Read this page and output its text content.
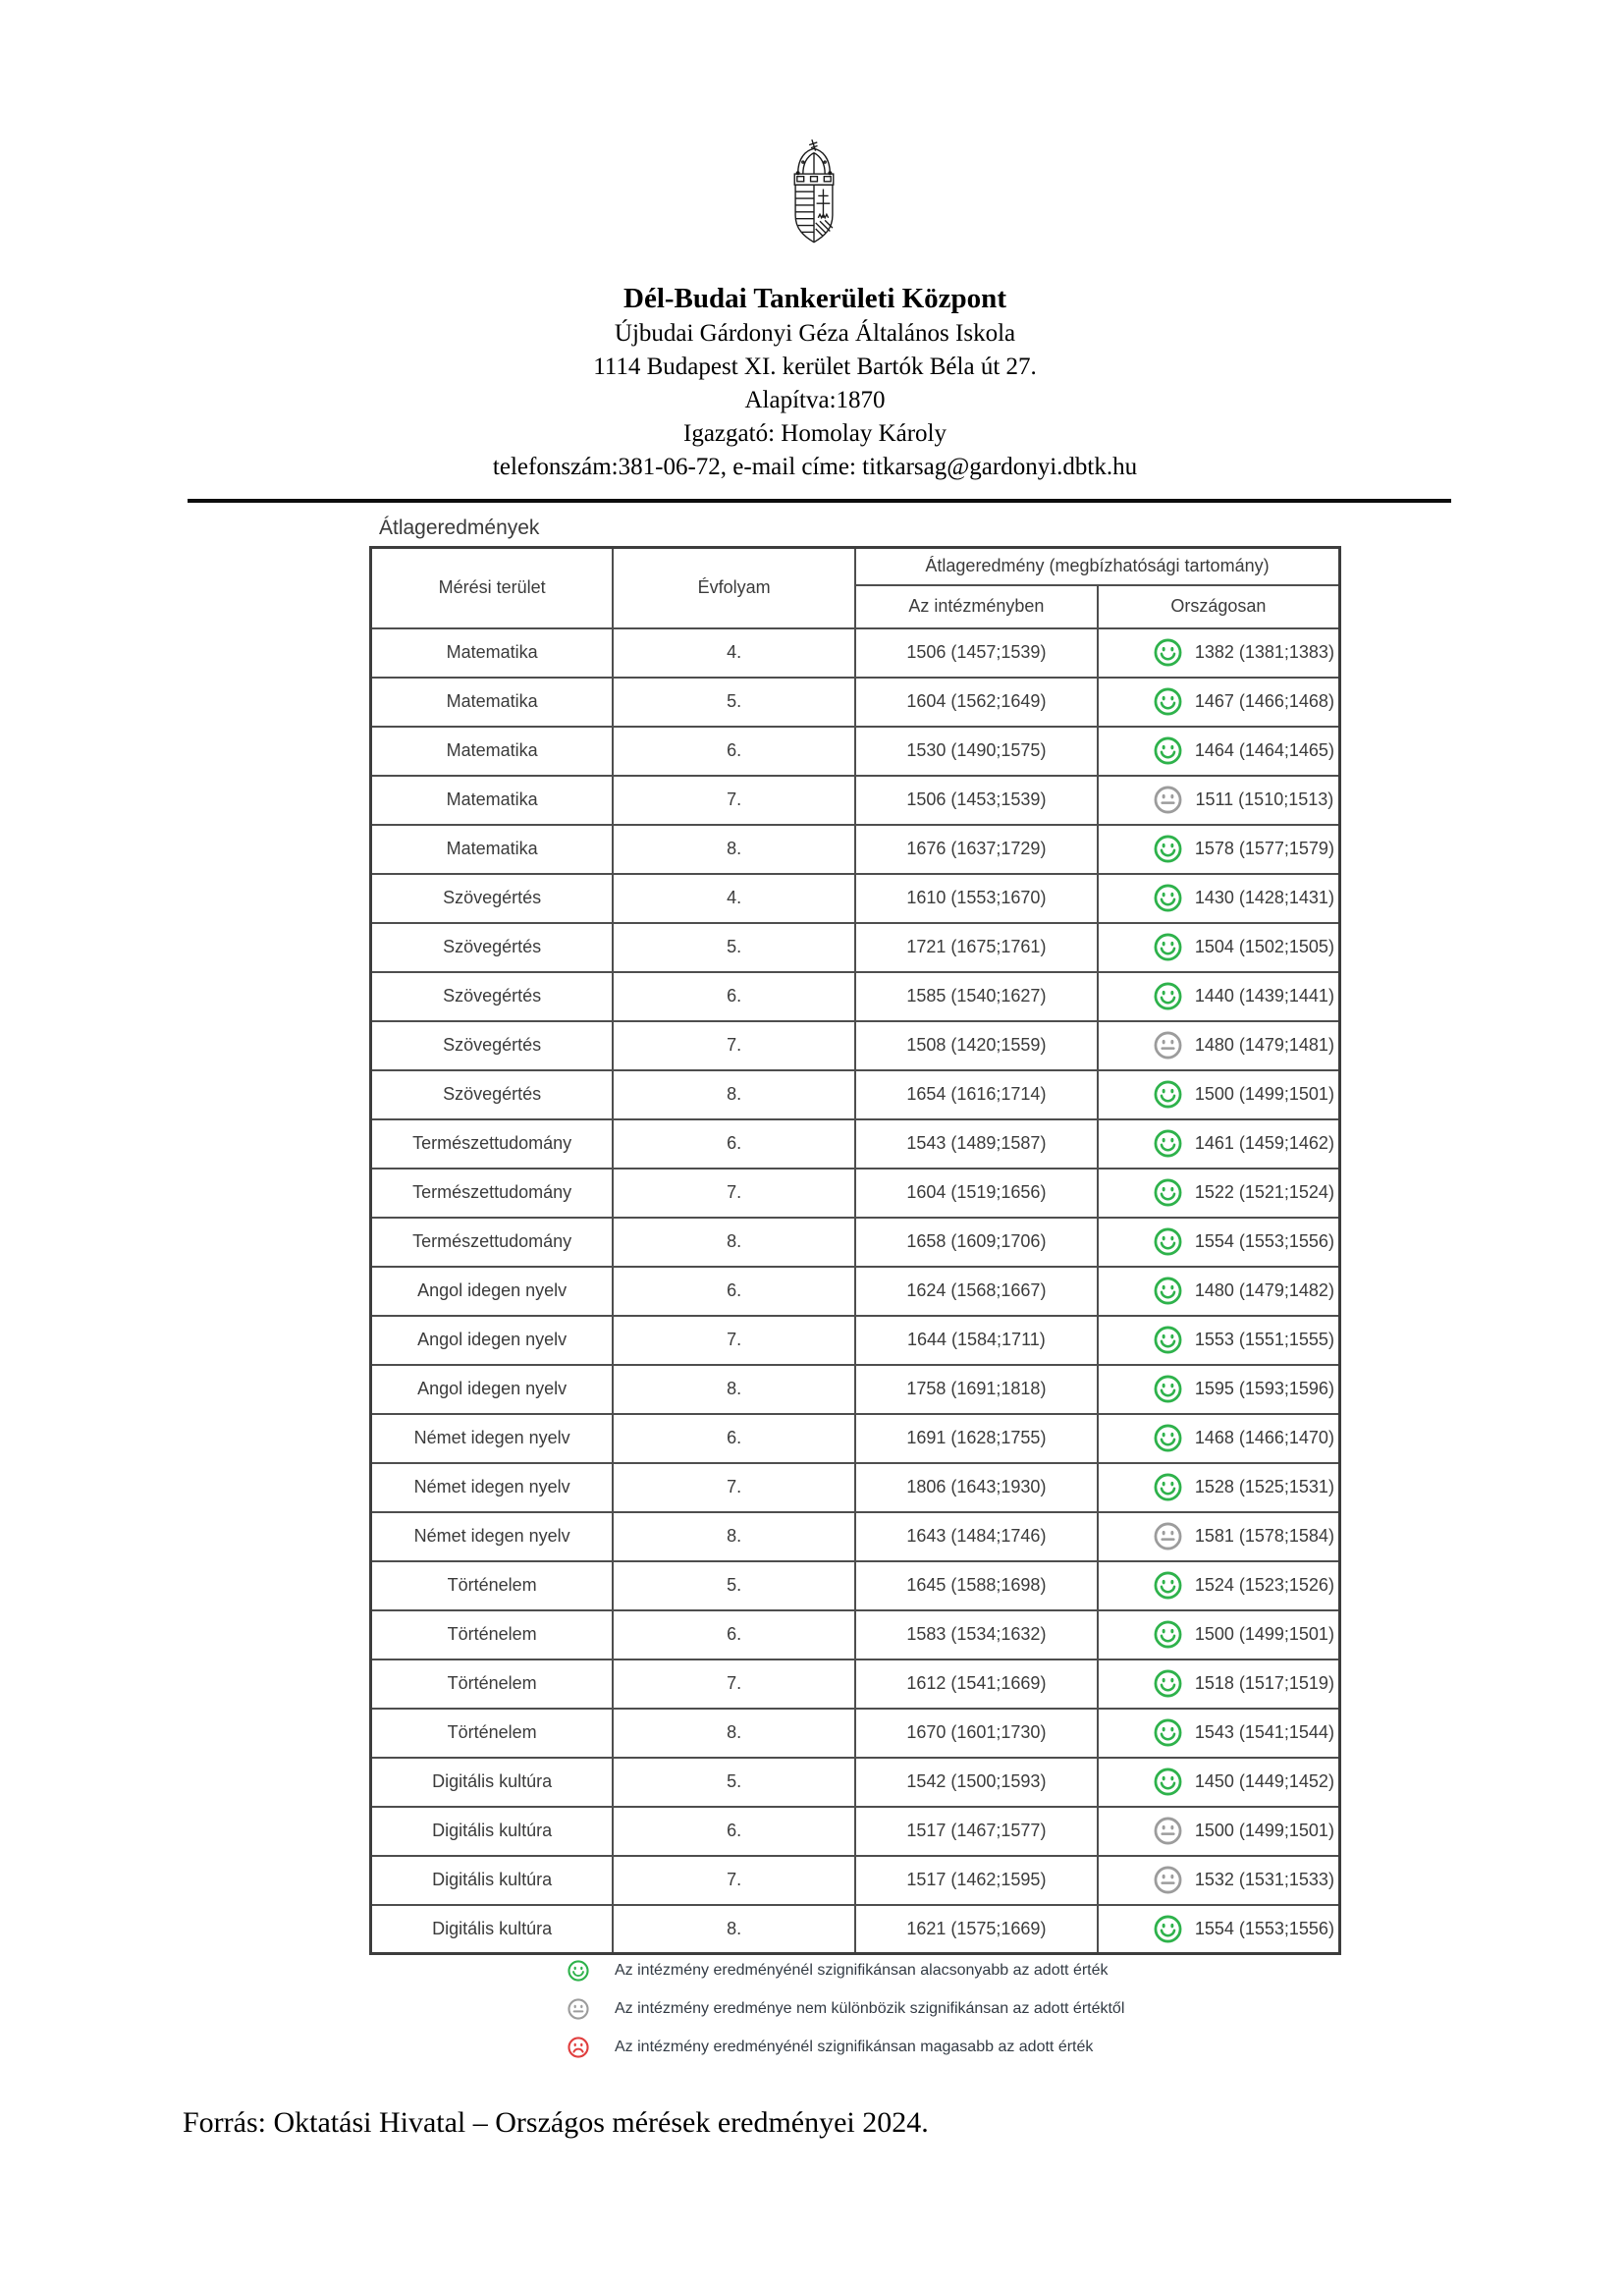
Dél-Budai Tankerületi Központ
Újbudai Gárdonyi Géza Általános Iskola
1114 Budapest XI. kerület Bartók Béla út 27.
Alapítva:1870
Igazgató: Homolay Károly
telefonszám:381-06-72, e-mail címe: titkarsag@gardonyi.dbtk.hu
Átlageredmények
Mérési terület	Évfolyam	Átlageredmény (megbízhatósági tartomány)	
		Az intézményben	Országosan
Matematika	4.	1506 (1457;1539)	1382 (1381;1383)

Matematika	5.	1604 (1562;1649)	1467 (1466;1468)

Matematika	6.	1530 (1490;1575)	1464 (1464;1465)

Matematika	7.	1506 (1453;1539)	1511 (1510;1513)

Matematika	8.	1676 (1637;1729)	1578 (1577;1579)

Szövegértés	4.	1610 (1553;1670)	1430 (1428;1431)

Szövegértés	5.	1721 (1675;1761)	1504 (1502;1505)

Szövegértés	6.	1585 (1540;1627)	1440 (1439;1441)

Szövegértés	7.	1508 (1420;1559)	1480 (1479;1481)

Szövegértés	8.	1654 (1616;1714)	1500 (1499;1501)

Természettudomány	6.	1543 (1489;1587)	1461 (1459;1462)

Természettudomány	7.	1604 (1519;1656)	1522 (1521;1524)

Természettudomány	8.	1658 (1609;1706)	1554 (1553;1556)

Angol idegen nyelv	6.	1624 (1568;1667)	1480 (1479;1482)

Angol idegen nyelv	7.	1644 (1584;1711)	1553 (1551;1555)

Angol idegen nyelv	8.	1758 (1691;1818)	1595 (1593;1596)

Német idegen nyelv	6.	1691 (1628;1755)	1468 (1466;1470)

Német idegen nyelv	7.	1806 (1643;1930)	1528 (1525;1531)

Német idegen nyelv	8.	1643 (1484;1746)	1581 (1578;1584)

Történelem	5.	1645 (1588;1698)	1524 (1523;1526)

Történelem	6.	1583 (1534;1632)	1500 (1499;1501)

Történelem	7.	1612 (1541;1669)	1518 (1517;1519)

Történelem	8.	1670 (1601;1730)	1543 (1541;1544)

Digitális kultúra	5.	1542 (1500;1593)	1450 (1449;1452)

Digitális kultúra	6.	1517 (1467;1577)	1500 (1499;1501)

Digitális kultúra	7.	1517 (1462;1595)	1532 (1531;1533)

Digitális kultúra	8.	1621 (1575;1669)	1554 (1553;1556)
Az intézmény eredményénél szignifikánsan alacsonyabb az adott érték
Az intézmény eredménye nem különbözik szignifikánsan az adott értéktől
Az intézmény eredményénél szignifikánsan magasabb az adott érték
Forrás: Oktatási Hivatal – Országos mérések eredményei 2024.
